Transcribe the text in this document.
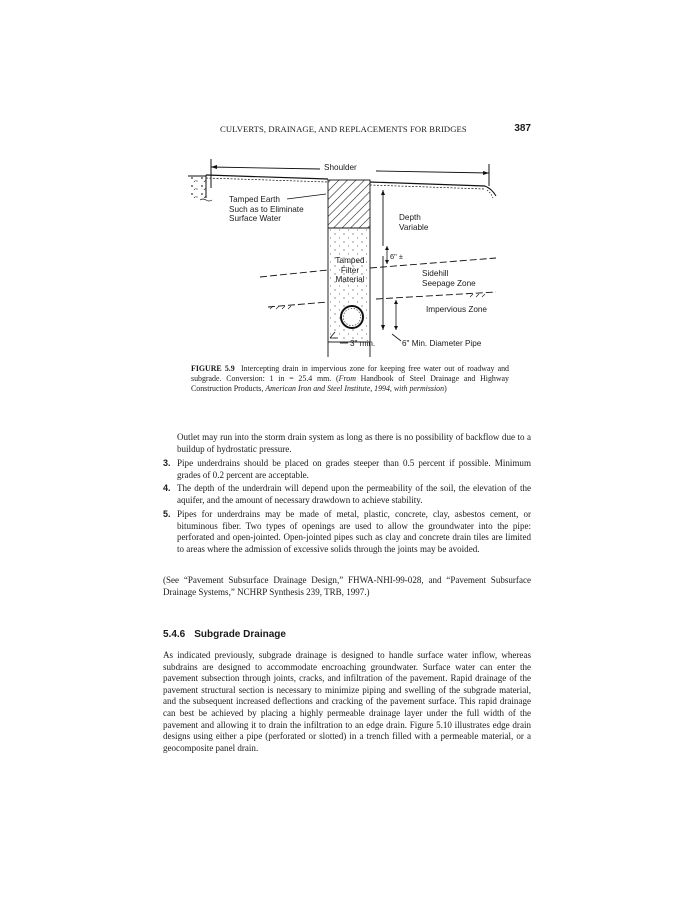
CULVERTS, DRAINAGE, AND REPLACEMENTS FOR BRIDGES	387
Shoulder
Tamped Earth
Such as to Eliminate
Surface Water	Depth
Variable
6" ±
Tamped
Filter
Material
Sidehill
Seepage Zone
Impervious Zone
3" min.	6" Min. Diameter Pipe
FIGURE 5.9 Intercepting drain in impervious zone for keeping free water out of roadway and subgrade. Conversion: 1 in = 25.4 mm. (From Handbook of Steel Drainage and Highway Construction Products, American Iron and Steel Institute, 1994, with permission)
Outlet may run into the storm drain system as long as there is no possibility of backflow due to a buildup of hydrostatic pressure.
3. Pipe underdrains should be placed on grades steeper than 0.5 percent if possible. Minimum grades of 0.2 percent are acceptable.
4. The depth of the underdrain will depend upon the permeability of the soil, the elevation of the aquifer, and the amount of necessary drawdown to achieve stability.
5. Pipes for underdrains may be made of metal, plastic, concrete, clay, asbestos cement, or bituminous fiber. Two types of openings are used to allow the groundwater into the pipe: perforated and open-jointed. Open-jointed pipes such as clay and concrete drain tiles are limited to areas where the admission of excessive solids through the joints may be avoided.
(See “Pavement Subsurface Drainage Design,” FHWA-NHI-99-028, and “Pavement Subsurface Drainage Systems,” NCHRP Synthesis 239, TRB, 1997.)
5.4.6 Subgrade Drainage
As indicated previously, subgrade drainage is designed to handle surface water inflow, whereas subdrains are designed to accommodate encroaching groundwater. Surface water can enter the pavement subsection through joints, cracks, and infiltration of the pavement. Rapid drainage of the pavement structural section is necessary to minimize piping and swelling of the subgrade material, and the subsequent increased deflections and cracking of the pavement surface. This rapid drainage can best be achieved by placing a highly permeable drainage layer under the full width of the pavement and allowing it to drain the infiltration to an edge drain. Figure 5.10 illustrates edge drain designs using either a pipe (perforated or slotted) in a trench filled with a permeable material, or a geocomposite panel drain.
